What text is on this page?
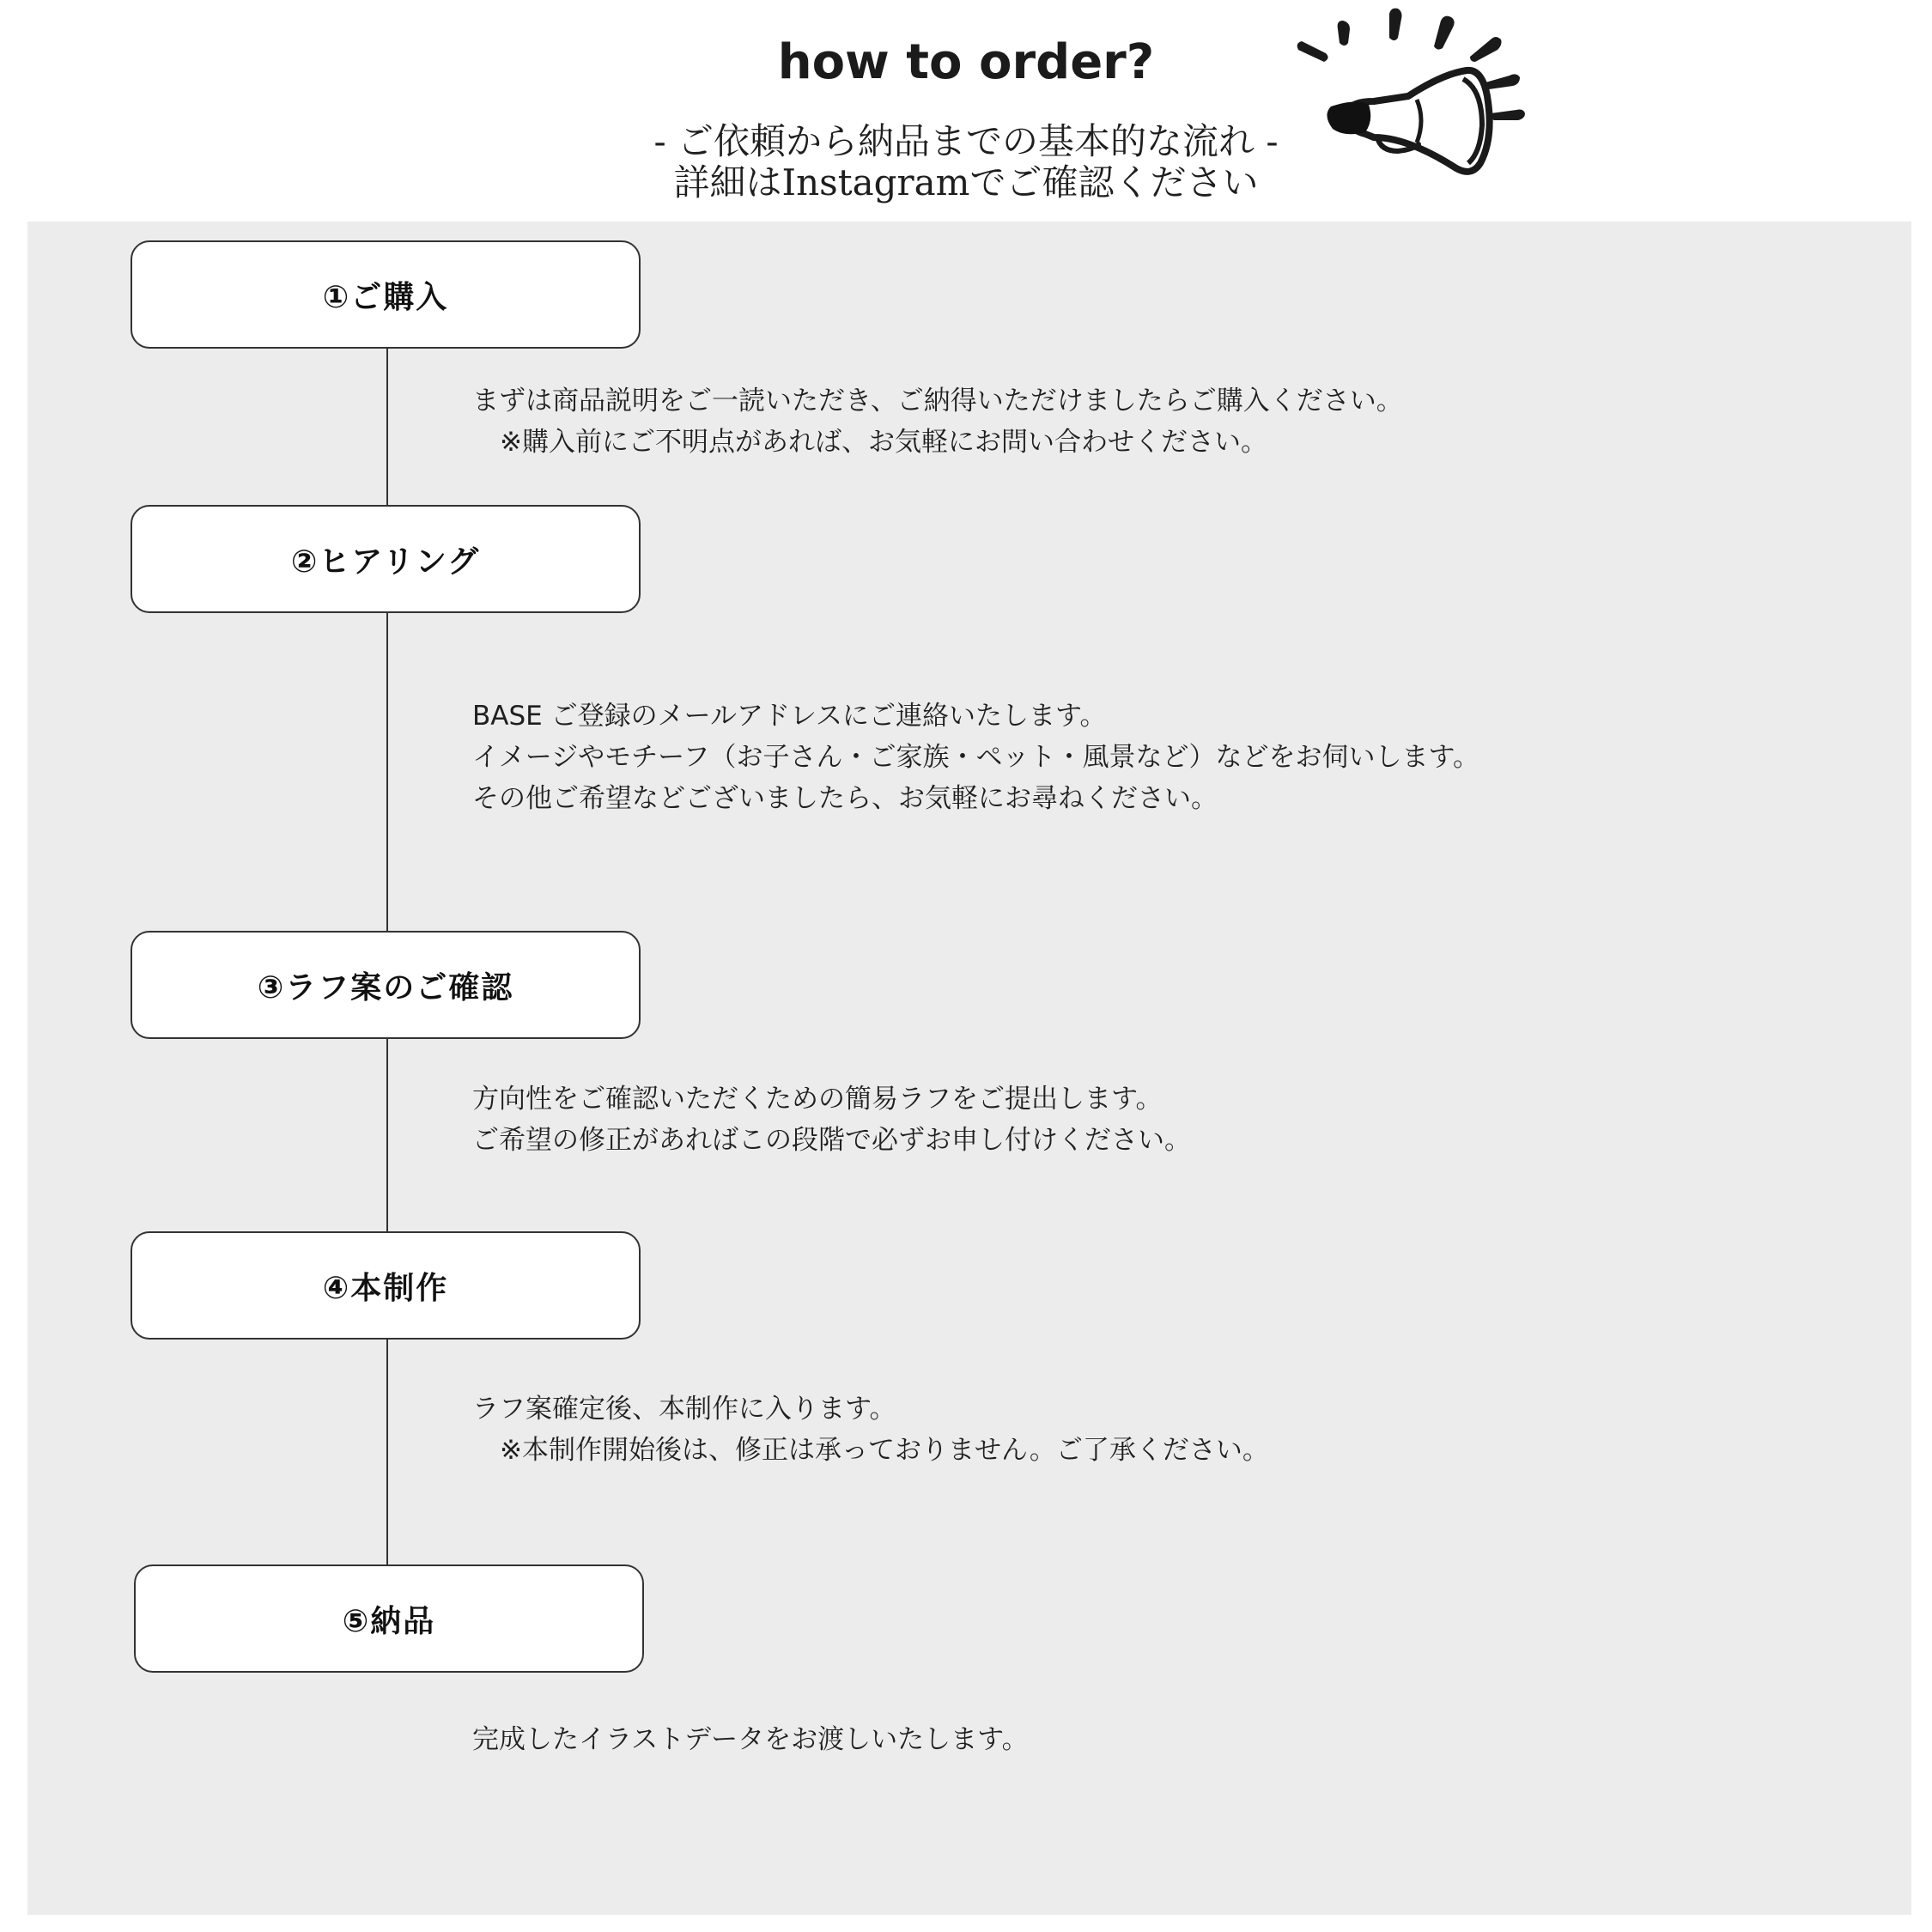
how to order?
- ご依頼から納品までの基本的な流れ -
詳細はInstagramでご確認ください
①ご購入
まずは商品説明をご一読いただき、ご納得いただけましたらご購入ください。
※購入前にご不明点があれば、お気軽にお問い合わせください。
②ヒアリング
BASE ご登録のメールアドレスにご連絡いたします。
イメージやモチーフ（お子さん・ご家族・ペット・風景など）などをお伺いします。
その他ご希望などございましたら、お気軽にお尋ねください。
③ラフ案のご確認
方向性をご確認いただくための簡易ラフをご提出します。
ご希望の修正があればこの段階で必ずお申し付けください。
④本制作
ラフ案確定後、本制作に入ります。
※本制作開始後は、修正は承っておりません。ご了承ください。
⑤納品
完成したイラストデータをお渡しいたします。
